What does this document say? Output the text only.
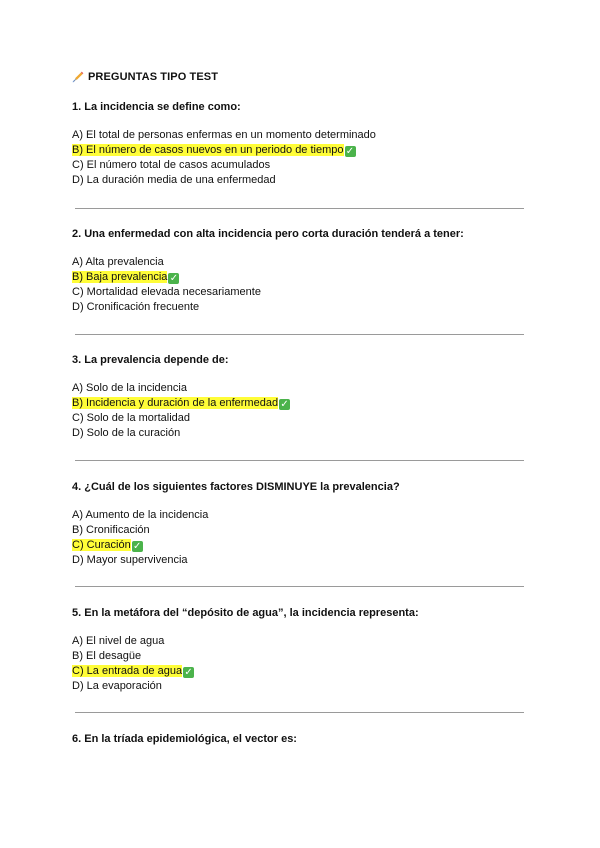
PREGUNTAS TIPO TEST
1. La incidencia se define como:
A) El total de personas enfermas en un momento determinado
B) El número de casos nuevos en un periodo de tiempo ✓
C) El número total de casos acumulados
D) La duración media de una enfermedad
2. Una enfermedad con alta incidencia pero corta duración tenderá a tener:
A) Alta prevalencia
B) Baja prevalencia ✓
C) Mortalidad elevada necesariamente
D) Cronificación frecuente
3. La prevalencia depende de:
A) Solo de la incidencia
B) Incidencia y duración de la enfermedad ✓
C) Solo de la mortalidad
D) Solo de la curación
4. ¿Cuál de los siguientes factores DISMINUYE la prevalencia?
A) Aumento de la incidencia
B) Cronificación
C) Curación ✓
D) Mayor supervivencia
5. En la metáfora del “depósito de agua”, la incidencia representa:
A) El nivel de agua
B) El desagüe
C) La entrada de agua ✓
D) La evaporación
6. En la tríada epidemiológica, el vector es:
